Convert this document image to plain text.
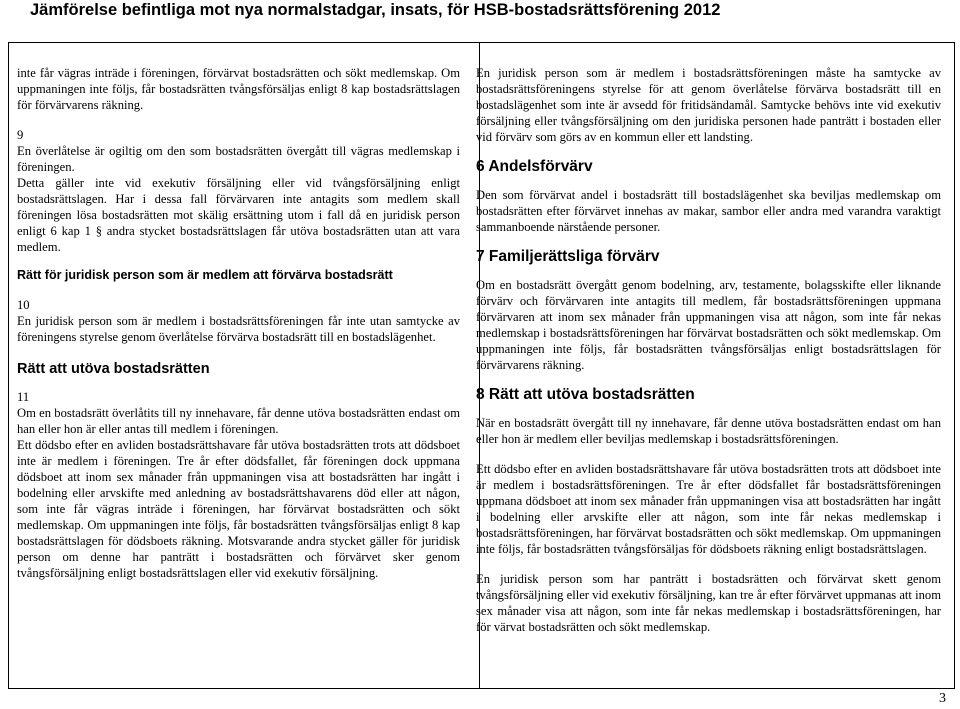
Jämförelse befintliga mot nya normalstadgar, insats, för HSB-bostadsrättsförening 2012

inte får vägras inträde i föreningen, förvärvat bostadsrätten och sökt medlemskap. Om uppmaningen inte följs, får bostadsrätten tvångsförsäljas enligt 8 kap bostadsrättslagen för förvärvarens räkning.

9

En överlåtelse är ogiltig om den som bostadsrätten övergått till vägras medlemskap i föreningen.

Detta gäller inte vid exekutiv försäljning eller vid tvångsförsäljning enligt bostadsrättslagen. Har i dessa fall förvärvaren inte antagits som medlem skall föreningen lösa bostadsrätten mot skälig ersättning utom i fall då en juridisk person enligt 6 kap 1 § andra stycket bostadsrättslagen får utöva bostadsrätten utan att vara medlem.

Rätt för juridisk person som är medlem att förvärva bostadsrätt

10

En juridisk person som är medlem i bostadsrättsföreningen får inte utan samtycke av föreningens styrelse genom överlåtelse förvärva bostadsrätt till en bostadslägenhet.

Rätt att utöva bostadsrätten

11

Om en bostadsrätt överlåtits till ny innehavare, får denne utöva bostadsrätten endast om han eller hon är eller antas till medlem i föreningen.

Ett dödsbo efter en avliden bostadsrättshavare får utöva bostadsrätten trots att dödsboet inte är medlem i föreningen. Tre år efter dödsfallet, får föreningen dock uppmana dödsboet att inom sex månader från uppmaningen visa att bostadsrätten har ingått i bodelning eller arvskifte med anledning av bostadsrättshavarens död eller att någon, som inte får vägras inträde i föreningen, har förvärvat bostadsrätten och sökt medlemskap. Om uppmaningen inte följs, får bostadsrätten tvångsförsäljas enligt 8 kap bostadsrättslagen för dödsboets räkning. Motsvarande andra stycket gäller för juridisk person om denne har panträtt i bostadsrätten och förvärvet sker genom tvångsförsäljning enligt bostadsrättslagen eller vid exekutiv försäljning.

En juridisk person som är medlem i bostadsrättsföreningen måste ha samtycke av bostadsrättsföreningens styrelse för att genom överlåtelse förvärva bostadsrätt till en bostadslägenhet som inte är avsedd för fritidsändamål. Samtycke behövs inte vid exekutiv försäljning eller tvångsförsäljning om den juridiska personen hade panträtt i bostaden eller vid förvärv som görs av en kommun eller ett landsting.

6 Andelsförvärv

Den som förvärvat andel i bostadsrätt till bostadslägenhet ska beviljas medlemskap om bostadsrätten efter förvärvet innehas av makar, sambor eller andra med varandra varaktigt sammanboende närstående personer.

7 Familjerättsliga förvärv

Om en bostadsrätt övergått genom bodelning, arv, testamente, bolagsskifte eller liknande förvärv och förvärvaren inte antagits till medlem, får bostadsrättsföreningen uppmana förvärvaren att inom sex månader från uppmaningen visa att någon, som inte får nekas medlemskap i bostadsrättsföreningen har förvärvat bostadsrätten och sökt medlemskap. Om uppmaningen inte följs, får bostadsrätten tvångsförsäljas enligt bostadsrättslagen för förvärvarens räkning.

8 Rätt att utöva bostadsrätten

När en bostadsrätt övergått till ny innehavare, får denne utöva bostadsrätten endast om han eller hon är medlem eller beviljas medlemskap i bostadsrättsföreningen.

Ett dödsbo efter en avliden bostadsrättshavare får utöva bostadsrätten trots att dödsboet inte är medlem i bostadsrättsföreningen. Tre år efter dödsfallet får bostadsrättsföreningen uppmana dödsboet att inom sex månader från uppmaningen visa att bostadsrätten har ingått i bodelning eller arvskifte eller att någon, som inte får nekas medlemskap i bostadsrättsföreningen, har förvärvat bostadsrätten och sökt medlemskap. Om uppmaningen inte följs, får bostadsrätten tvångsförsäljas för dödsboets räkning enligt bostadsrättslagen.

En juridisk person som har panträtt i bostadsrätten och förvärvat skett genom tvångsförsäljning eller vid exekutiv försäljning, kan tre år efter förvärvet uppmanas att inom sex månader visa att någon, som inte får nekas medlemskap i bostadsrättsföreningen, har för värvat bostadsrätten och sökt medlemskap.

3
